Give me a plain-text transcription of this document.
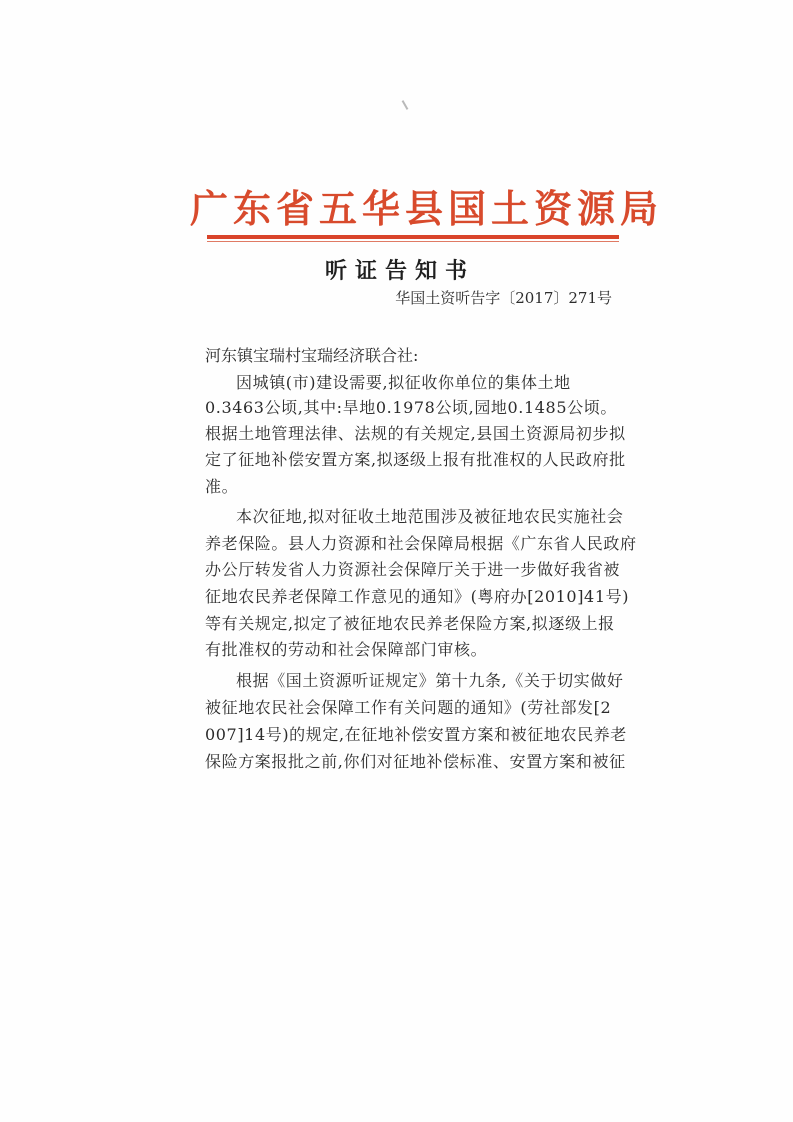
广东省五华县国土资源局
听证告知书
华国土资听告字〔2017〕271号
河东镇宝瑞村宝瑞经济联合社:
因城镇(市)建设需要,拟征收你单位的集体土地
0.3463公顷,其中:旱地0.1978公顷,园地0.1485公顷。
根据土地管理法律、法规的有关规定,县国土资源局初步拟
定了征地补偿安置方案,拟逐级上报有批准权的人民政府批
准。
本次征地,拟对征收土地范围涉及被征地农民实施社会
养老保险。县人力资源和社会保障局根据《广东省人民政府
办公厅转发省人力资源社会保障厅关于进一步做好我省被
征地农民养老保障工作意见的通知》(粤府办[2010]41号)
等有关规定,拟定了被征地农民养老保险方案,拟逐级上报
有批准权的劳动和社会保障部门审核。
根据《国土资源听证规定》第十九条,《关于切实做好
被征地农民社会保障工作有关问题的通知》(劳社部发[2
007]14号)的规定,在征地补偿安置方案和被征地农民养老
保险方案报批之前,你们对征地补偿标准、安置方案和被征
